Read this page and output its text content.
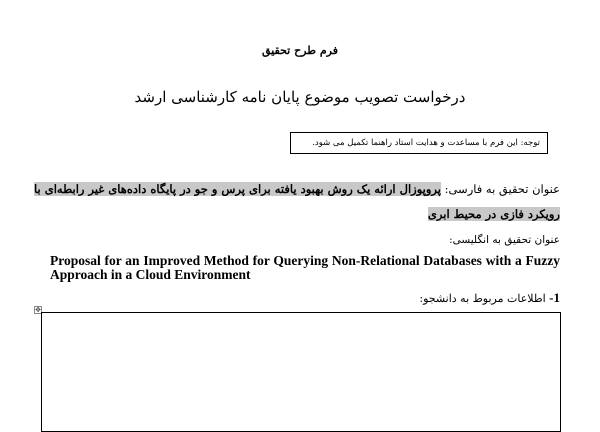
فرم طرح تحقیق
درخواست تصویب موضوع پایان نامه کارشناسی ارشد
توجه: این فرم با مساعدت و هدایت استاد راهنما تکمیل می شود.
عنوان تحقیق به فارسی: پروپوزال ارائه یک روش بهبود یافته برای پرس و جو در پایگاه داده‌های غیر رابطه‌ای با
رویکرد فازی در محیط ابری
عنوان تحقیق به انگلیسی:
Proposal for an Improved Method for Querying Non-Relational Databases with a Fuzzy Approach in a Cloud Environment
1- اطلاعات مربوط به دانشجو:
✥
